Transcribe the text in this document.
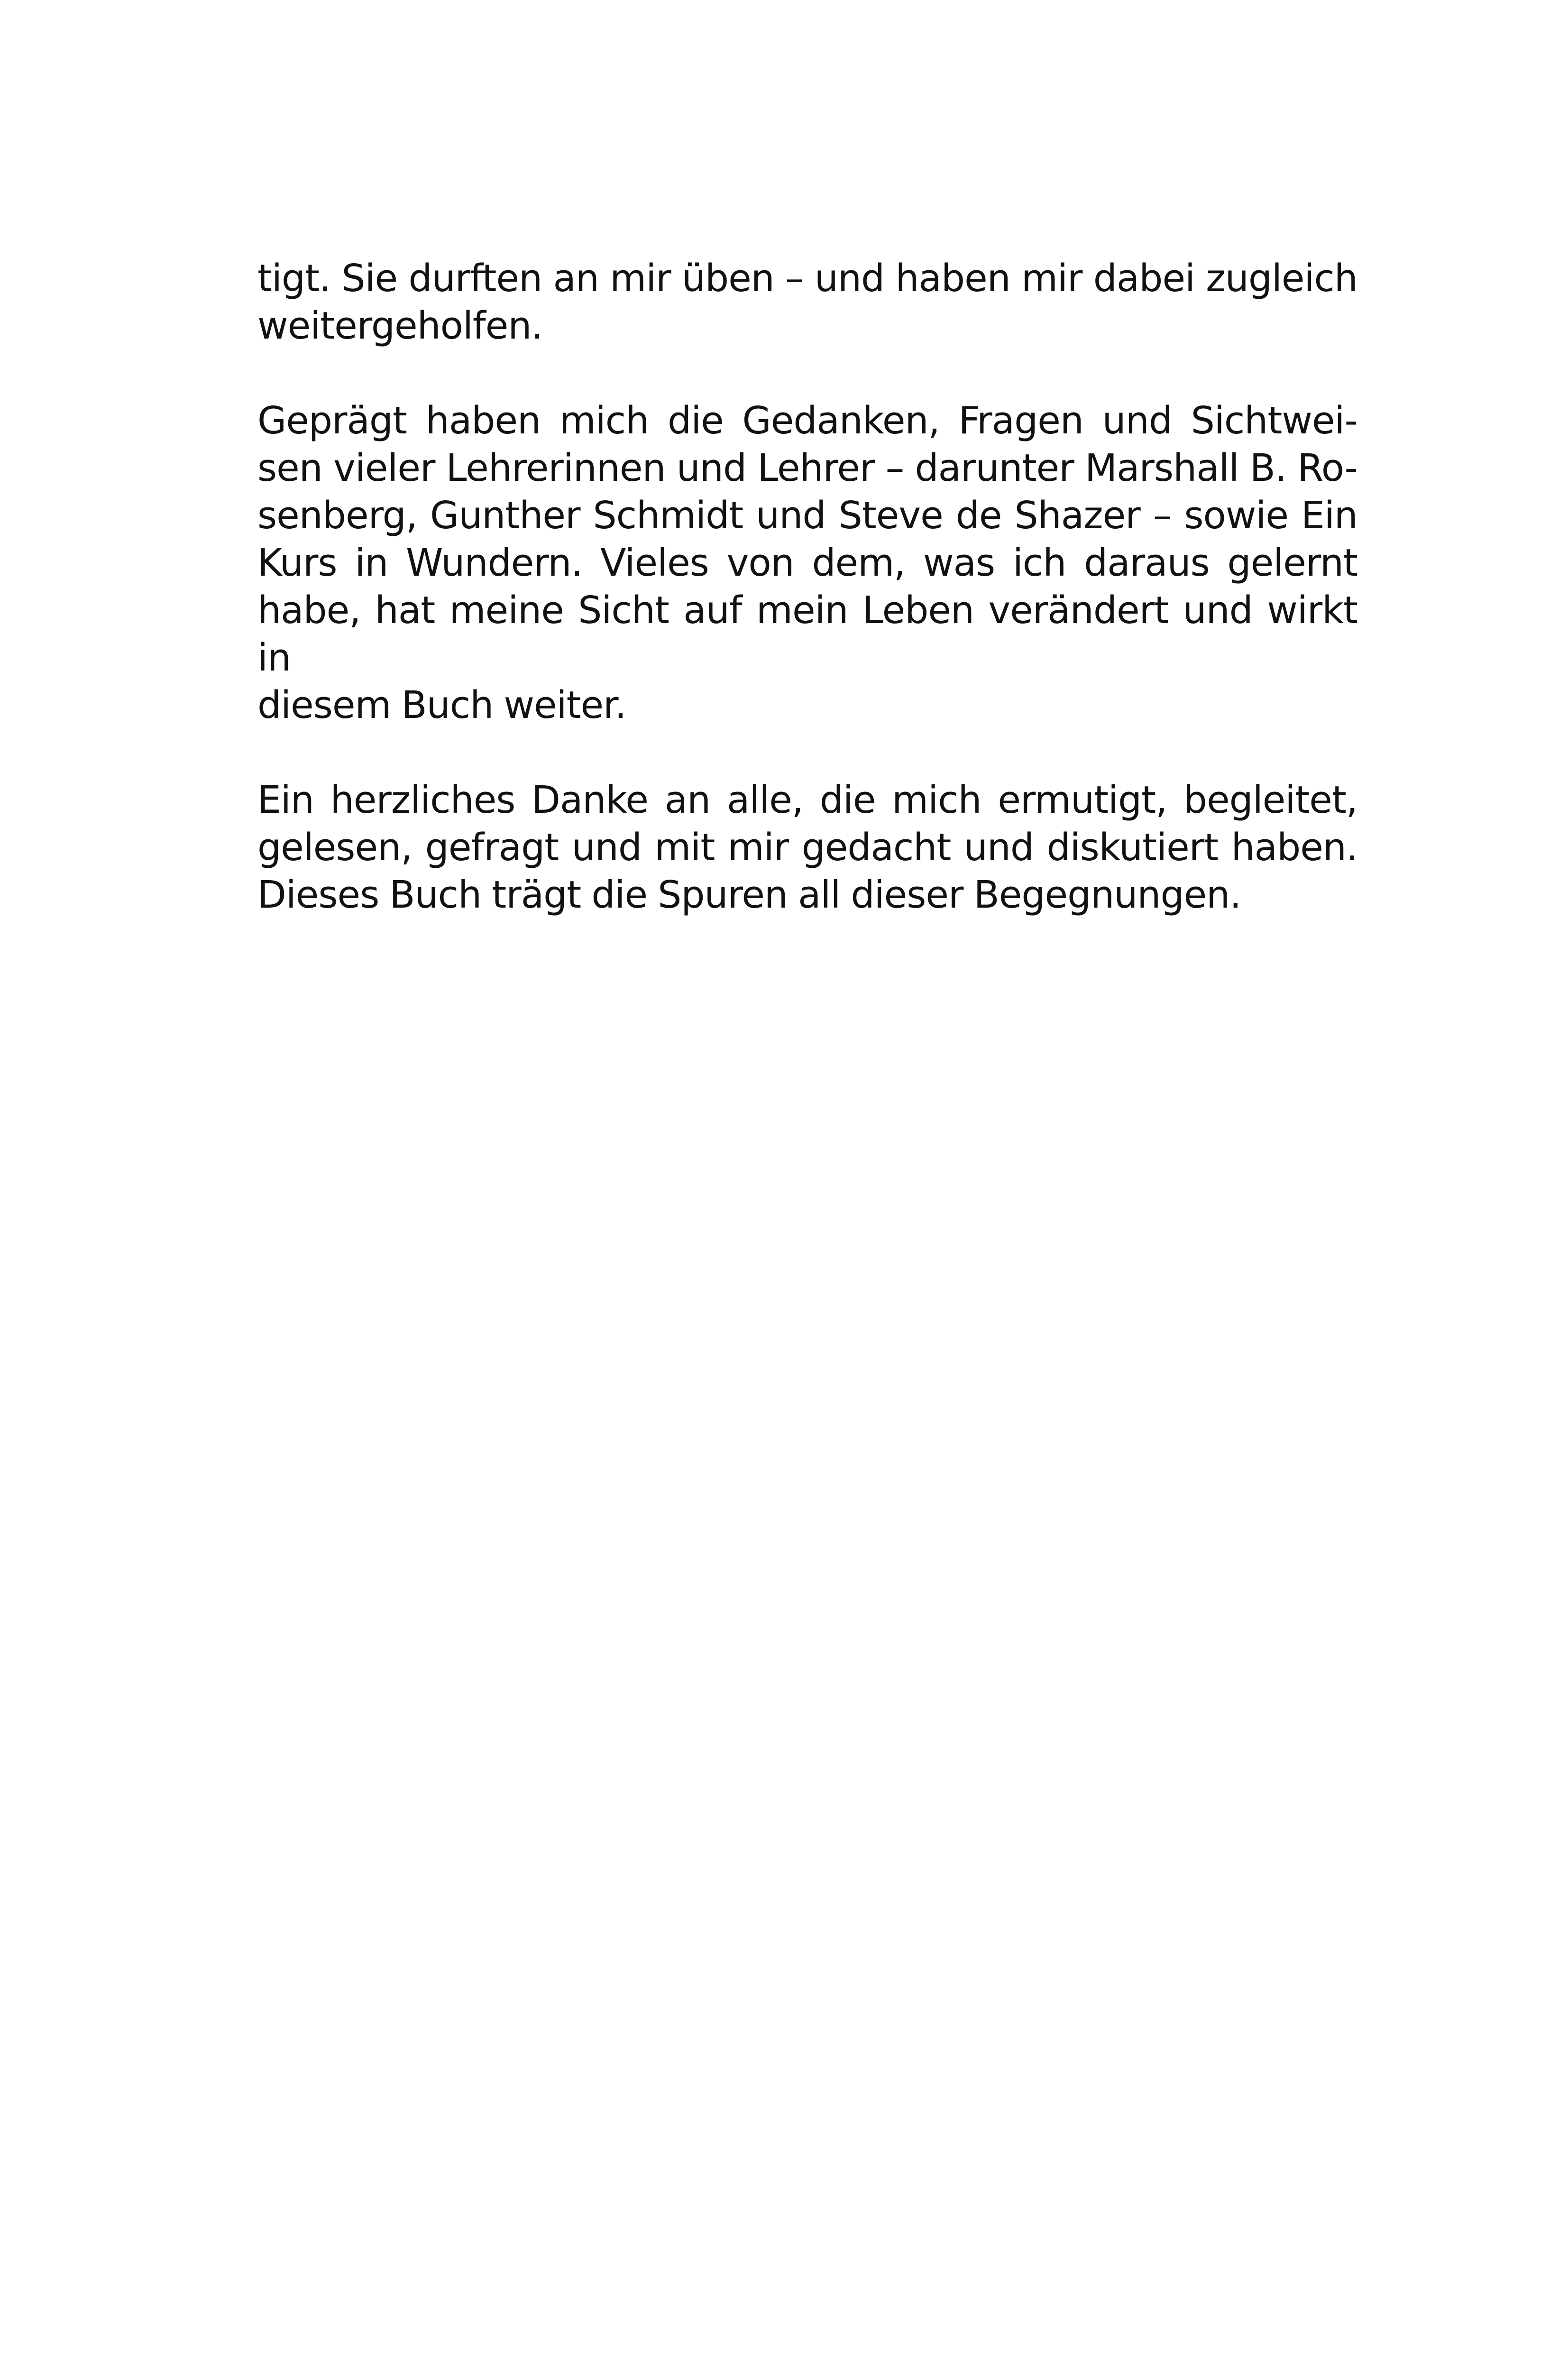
tigt. Sie durften an mir üben – und haben mir dabei zugleich
weitergeholfen.

Geprägt haben mich die Gedanken, Fragen und Sichtwei-
sen vieler Lehrerinnen und Lehrer – darunter Marshall B. Ro-
senberg, Gunther Schmidt und Steve de Shazer – sowie Ein
Kurs in Wundern. Vieles von dem, was ich daraus gelernt
habe, hat meine Sicht auf mein Leben verändert und wirkt in
diesem Buch weiter.

Ein herzliches Danke an alle, die mich ermutigt, begleitet,
gelesen, gefragt und mit mir gedacht und diskutiert haben.
Dieses Buch trägt die Spuren all dieser Begegnungen.
